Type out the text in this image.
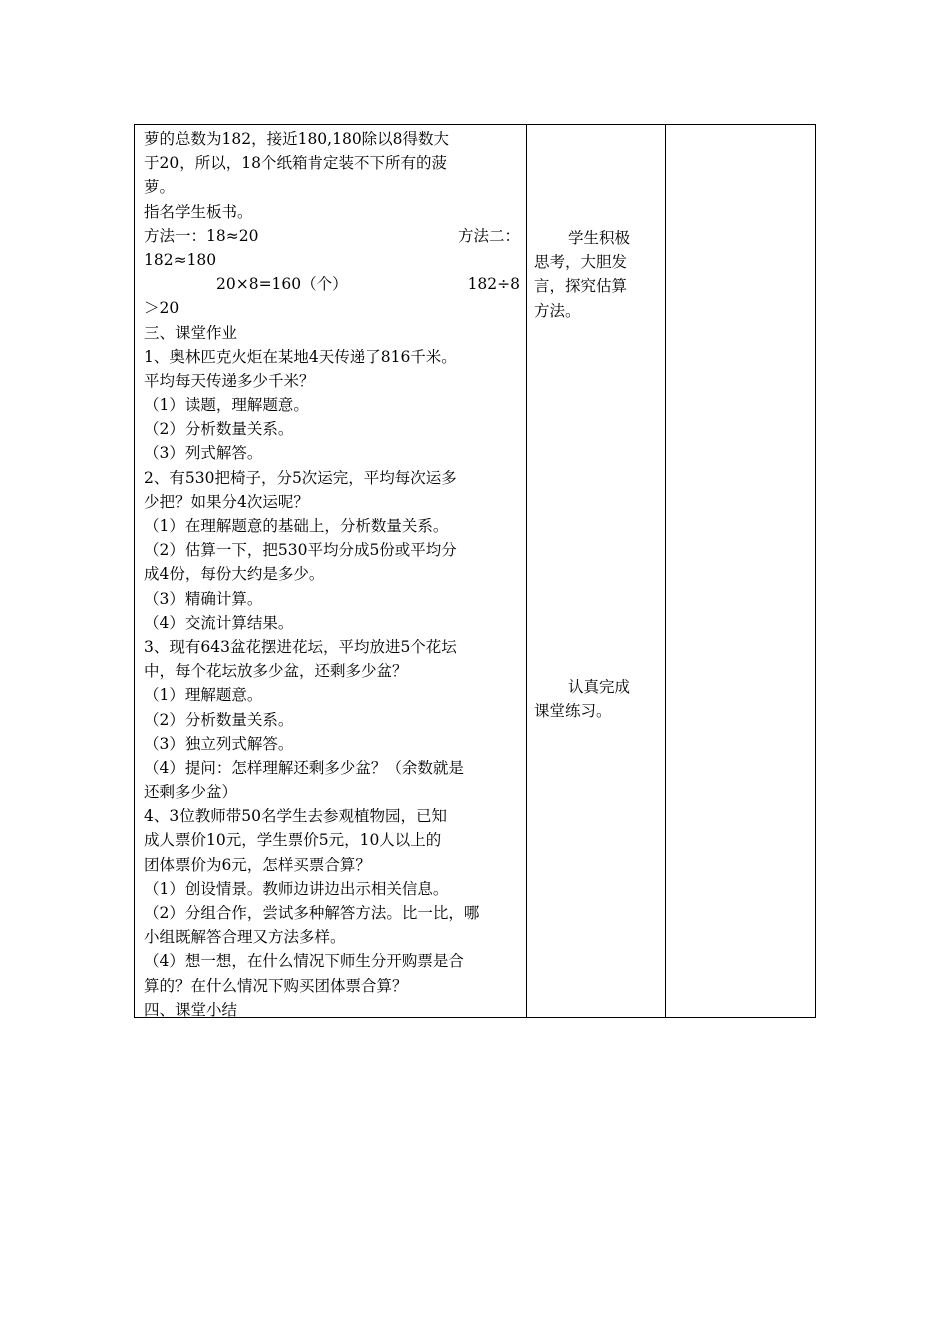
萝的总数为182，接近180,180除以8得数大
于20，所以，18个纸箱肯定装不下所有的菠
萝。
指名学生板书。
方法一：18≈20	方法二：
182≈180
20×8=160（个）	182÷8
＞20
三、课堂作业
1、奥林匹克火炬在某地4天传递了816千米。
平均每天传递多少千米？
（1）读题，理解题意。
（2）分析数量关系。
（3）列式解答。
2、有530把椅子，分5次运完，平均每次运多
少把？如果分4次运呢？
（1）在理解题意的基础上，分析数量关系。
（2）估算一下，把530平均分成5份或平均分
成4份，每份大约是多少。
（3）精确计算。
（4）交流计算结果。
3、现有643盆花摆进花坛，平均放进5个花坛
中，每个花坛放多少盆，还剩多少盆？
（1）理解题意。
（2）分析数量关系。
（3）独立列式解答。
（4）提问：怎样理解还剩多少盆？（余数就是
还剩多少盆）
4、3位教师带50名学生去参观植物园，已知
成人票价10元，学生票价5元，10人以上的
团体票价为6元，怎样买票合算？
（1）创设情景。教师边讲边出示相关信息。
（2）分组合作，尝试多种解答方法。比一比，哪
小组既解答合理又方法多样。
（4）想一想，在什么情况下师生分开购票是合
算的？在什么情况下购买团体票合算？
四、课堂小结
学生积极
思考，大胆发
言，探究估算
方法。
认真完成
课堂练习。
